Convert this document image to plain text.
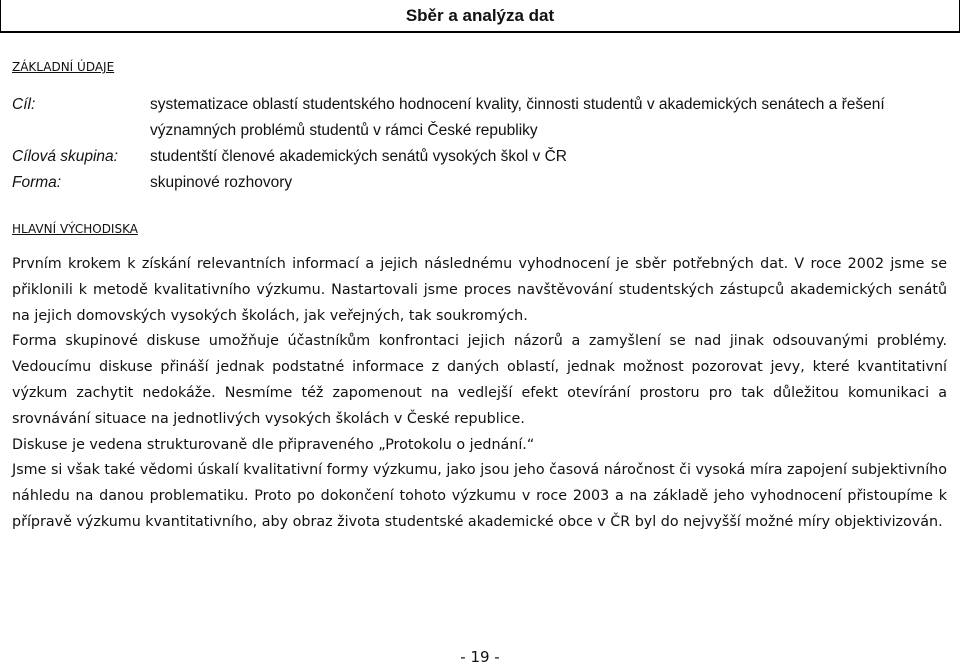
Sběr a analýza dat
ZÁKLADNÍ ÚDAJE
Cíl:	systematizace oblastí studentského hodnocení kvality, činnosti studentů v akademických senátech a řešení významných problémů studentů v rámci České republiky
Cílová skupina:	studentští členové akademických senátů vysokých škol v ČR
Forma:	skupinové rozhovory
HLAVNÍ VÝCHODISKA

Prvním krokem k získání relevantních informací a jejich následnému vyhodnocení je sběr potřebných dat. V roce 2002 jsme se přiklonili k metodě kvalitativního výzkumu. Nastartovali jsme proces navštěvování studentských zástupců akademických senátů na jejich domovských vysokých školách, jak veřejných, tak soukromých.

Forma skupinové diskuse umožňuje účastníkům konfrontaci jejich názorů a zamyšlení se nad jinak odsouvanými problémy. Vedoucímu diskuse přináší jednak podstatné informace z daných oblastí, jednak možnost pozorovat jevy, které kvantitativní výzkum zachytit nedokáže. Nesmíme též zapomenout na vedlejší efekt otevírání prostoru pro tak důležitou komunikaci a srovnávání situace na jednotlivých vysokých školách v České republice.

Diskuse je vedena strukturovaně dle připraveného „Protokolu o jednání.“

Jsme si však také vědomi úskalí kvalitativní formy výzkumu, jako jsou jeho časová náročnost či vysoká míra zapojení subjektivního náhledu na danou problematiku. Proto po dokončení tohoto výzkumu v roce 2003 a na základě jeho vyhodnocení přistoupíme k přípravě výzkumu kvantitativního, aby obraz života studentské akademické obce v ČR byl do nejvyšší možné míry objektivizován.

- 19 -
